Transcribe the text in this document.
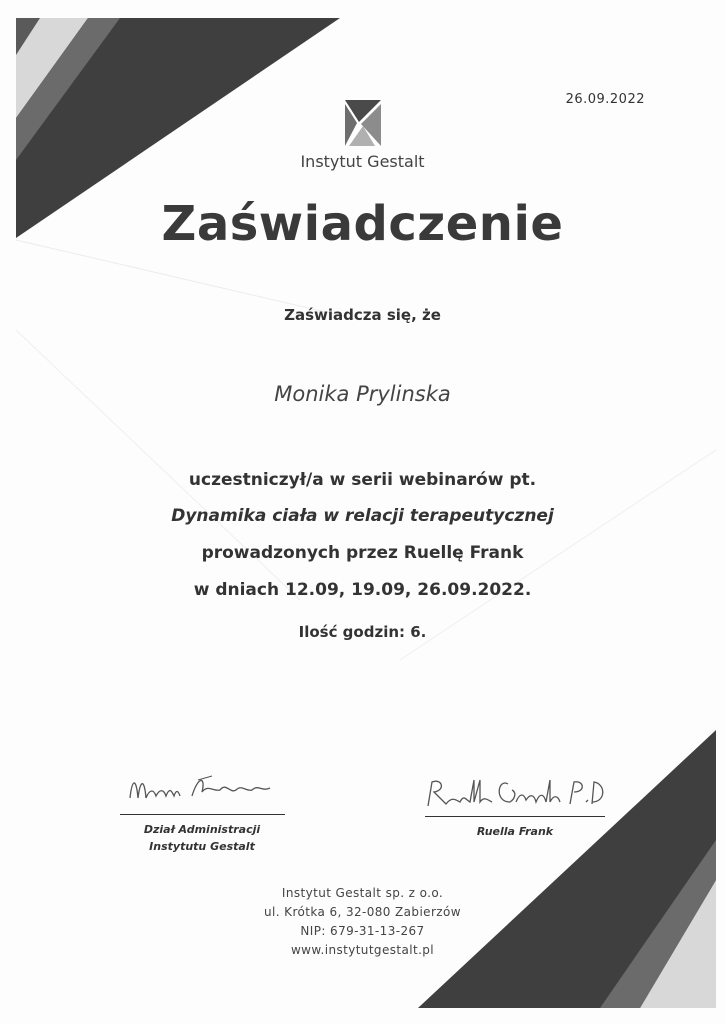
26.09.2022
Instytut Gestalt
Zaświadczenie
Zaświadcza się, że
Monika Prylinska
uczestniczył/a w serii webinarów pt.
Dynamika ciała w relacji terapeutycznej
prowadzonych przez Ruellę Frank
w dniach 12.09, 19.09, 26.09.2022.
Ilość godzin: 6.
Dział Administracji
Instytutu Gestalt
Ruella Frank
Instytut Gestalt sp. z o.o.
ul. Krótka 6, 32-080 Zabierzów
NIP: 679-31-13-267
www.instytutgestalt.pl
